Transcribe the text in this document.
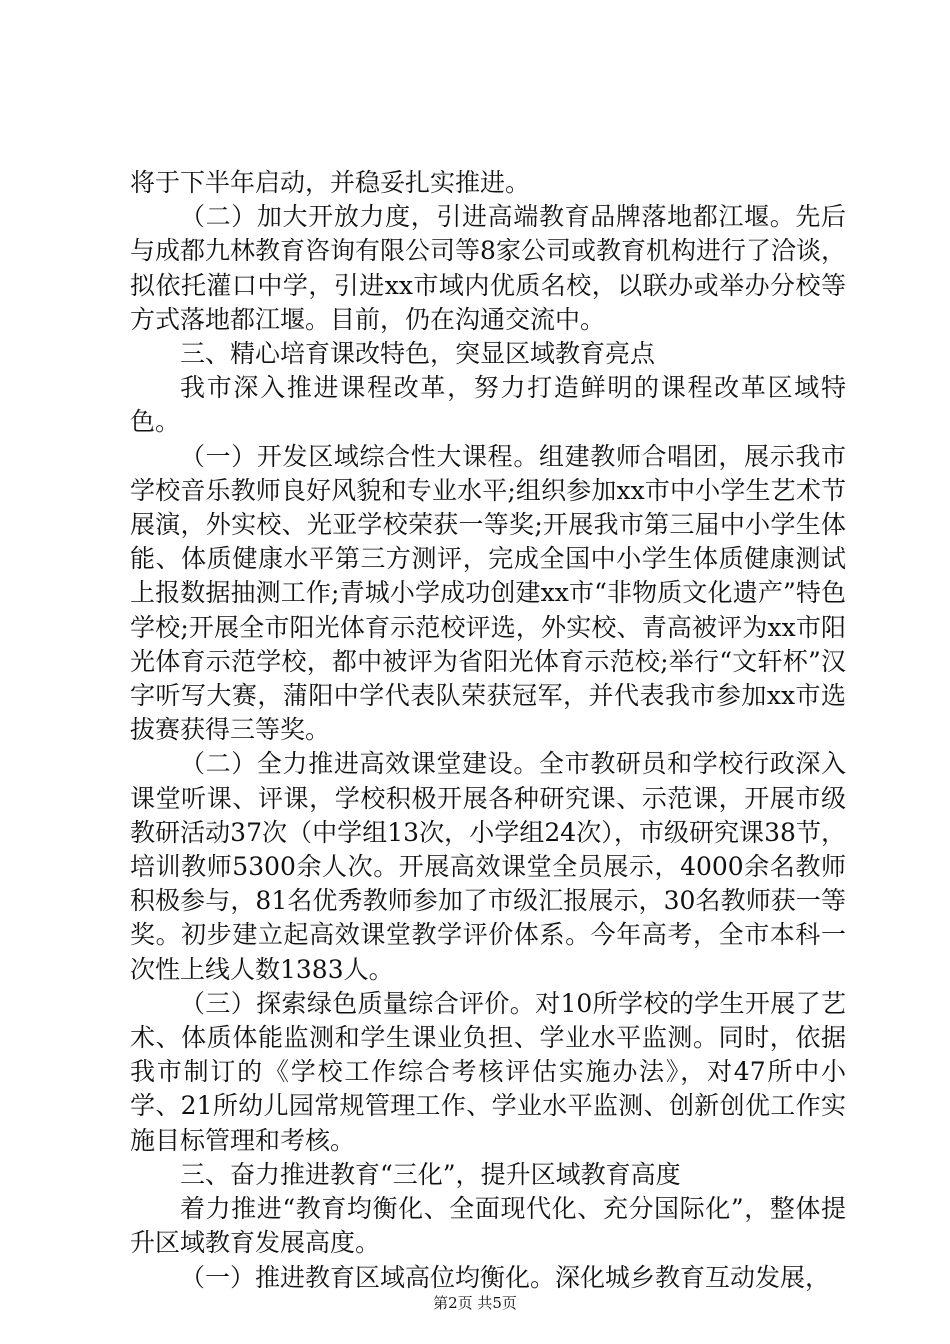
将于下半年启动，并稳妥扎实推进。

（二）加大开放力度，引进高端教育品牌落地都江堰。先后与成都九林教育咨询有限公司等8家公司或教育机构进行了洽谈，拟依托灌口中学，引进xx市域内优质名校，以联办或举办分校等方式落地都江堰。目前，仍在沟通交流中。

三、精心培育课改特色，突显区域教育亮点

我市深入推进课程改革，努力打造鲜明的课程改革区域特色。

（一）开发区域综合性大课程。组建教师合唱团，展示我市学校音乐教师良好风貌和专业水平;组织参加xx市中小学生艺术节展演，外实校、光亚学校荣获一等奖;开展我市第三届中小学生体能、体质健康水平第三方测评，完成全国中小学生体质健康测试上报数据抽测工作;青城小学成功创建xx市“非物质文化遗产”特色学校;开展全市阳光体育示范校评选，外实校、青高被评为xx市阳光体育示范学校，都中被评为省阳光体育示范校;举行“文轩杯”汉字听写大赛，蒲阳中学代表队荣获冠军，并代表我市参加xx市选拔赛获得三等奖。

（二）全力推进高效课堂建设。全市教研员和学校行政深入课堂听课、评课，学校积极开展各种研究课、示范课，开展市级教研活动37次（中学组13次，小学组24次），市级研究课38节，培训教师5300余人次。开展高效课堂全员展示，4000余名教师积极参与，81名优秀教师参加了市级汇报展示，30名教师获一等奖。初步建立起高效课堂教学评价体系。今年高考，全市本科一次性上线人数1383人。

（三）探索绿色质量综合评价。对10所学校的学生开展了艺术、体质体能监测和学生课业负担、学业水平监测。同时，依据我市制订的《学校工作综合考核评估实施办法》，对47所中小学、21所幼儿园常规管理工作、学业水平监测、创新创优工作实施目标管理和考核。

三、奋力推进教育“三化”，提升区域教育高度

着力推进“教育均衡化、全面现代化、充分国际化”，整体提升区域教育发展高度。

（一）推进教育区域高位均衡化。深化城乡教育互动发展，

第2页 共5页
